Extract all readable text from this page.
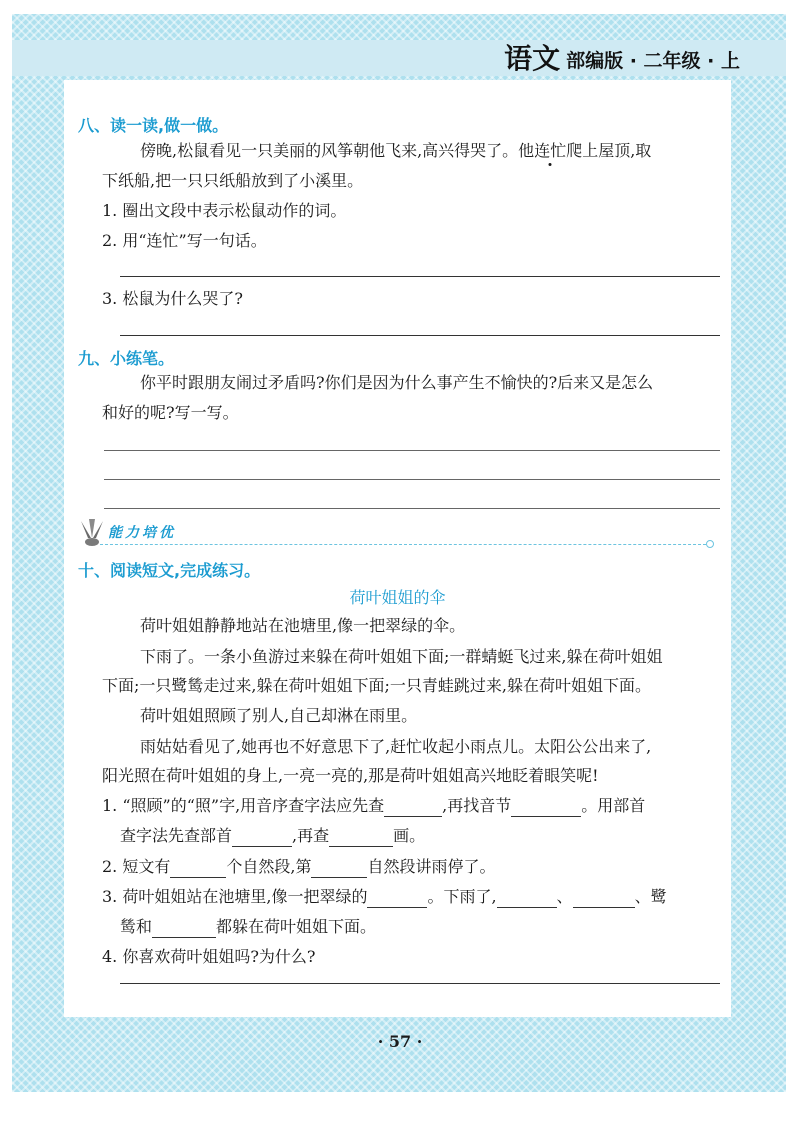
语文 部编版 · 二年级 · 上
八、读一读,做一做。
傍晚,松鼠看见一只美丽的风筝朝他飞来,高兴得哭了。他连忙爬上屋顶,取
下纸船,把一只只纸船放到了小溪里。
1. 圈出文段中表示松鼠动作的词。
2. 用“连忙”写一句话。
3. 松鼠为什么哭了?
九、小练笔。
你平时跟朋友闹过矛盾吗?你们是因为什么事产生不愉快的?后来又是怎么
和好的呢?写一写。
能力培优
十、阅读短文,完成练习。
荷叶姐姐的伞
荷叶姐姐静静地站在池塘里,像一把翠绿的伞。
下雨了。一条小鱼游过来躲在荷叶姐姐下面;一群蜻蜓飞过来,躲在荷叶姐姐
下面;一只鹭鸶走过来,躲在荷叶姐姐下面;一只青蛙跳过来,躲在荷叶姐姐下面。
荷叶姐姐照顾了别人,自己却淋在雨里。
雨姑姑看见了,她再也不好意思下了,赶忙收起小雨点儿。太阳公公出来了,
阳光照在荷叶姐姐的身上,一亮一亮的,那是荷叶姐姐高兴地眨着眼笑呢!
1. “照顾”的“照”字,用音序查字法应先查	,再找音节	。用部首
查字法先查部首	,再查	画。
2. 短文有	个自然段,第	自然段讲雨停了。
3. 荷叶姐姐站在池塘里,像一把翠绿的	。下雨了,	、	、鹭
鸶和	都躲在荷叶姐姐下面。
4. 你喜欢荷叶姐姐吗?为什么?
· 57 ·
